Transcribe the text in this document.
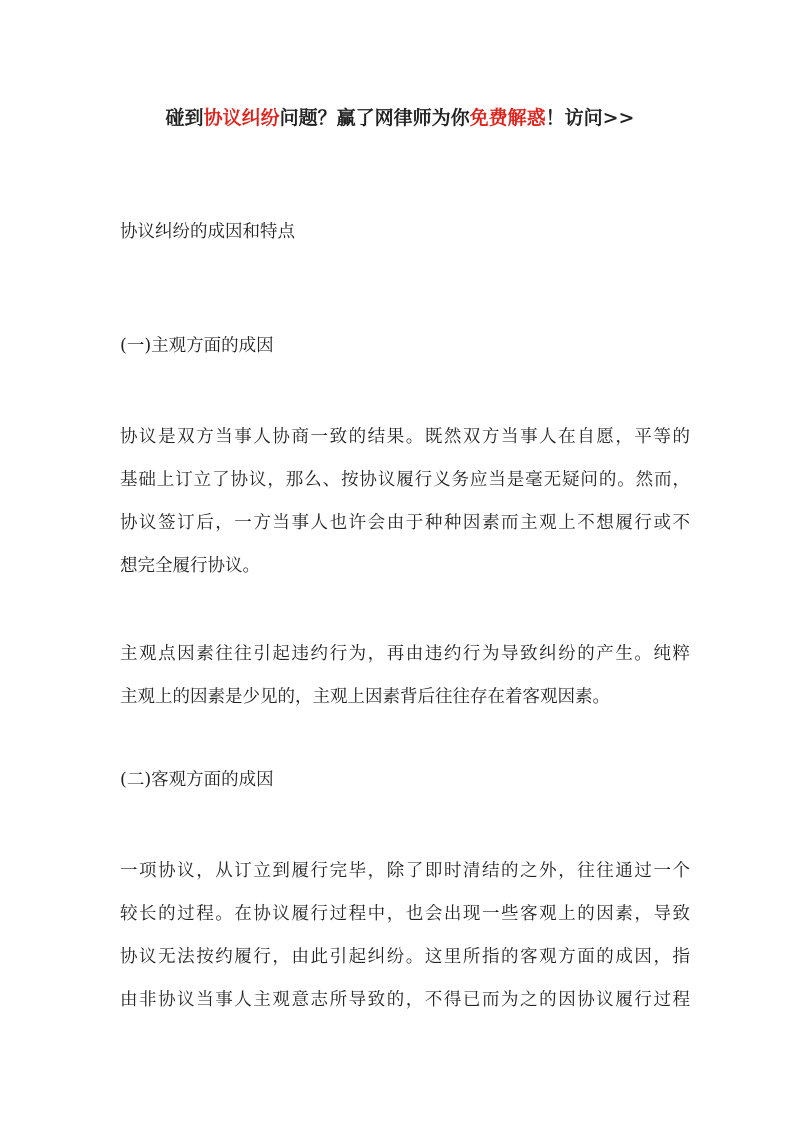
碰到协议纠纷问题？赢了网律师为你免费解惑！访问>>
协议纠纷的成因和特点
(一)主观方面的成因
协议是双方当事人协商一致的结果。既然双方当事人在自愿，平等的
基础上订立了协议，那么、按协议履行义务应当是毫无疑问的。然而，
协议签订后，一方当事人也许会由于种种因素而主观上不想履行或不
想完全履行协议。
主观点因素往往引起违约行为，再由违约行为导致纠纷的产生。纯粹
主观上的因素是少见的，主观上因素背后往往存在着客观因素。
(二)客观方面的成因
一项协议，从订立到履行完毕，除了即时清结的之外，往往通过一个
较长的过程。在协议履行过程中，也会出现一些客观上的因素，导致
协议无法按约履行，由此引起纠纷。这里所指的客观方面的成因，指
由非协议当事人主观意志所导致的，不得已而为之的因协议履行过程
